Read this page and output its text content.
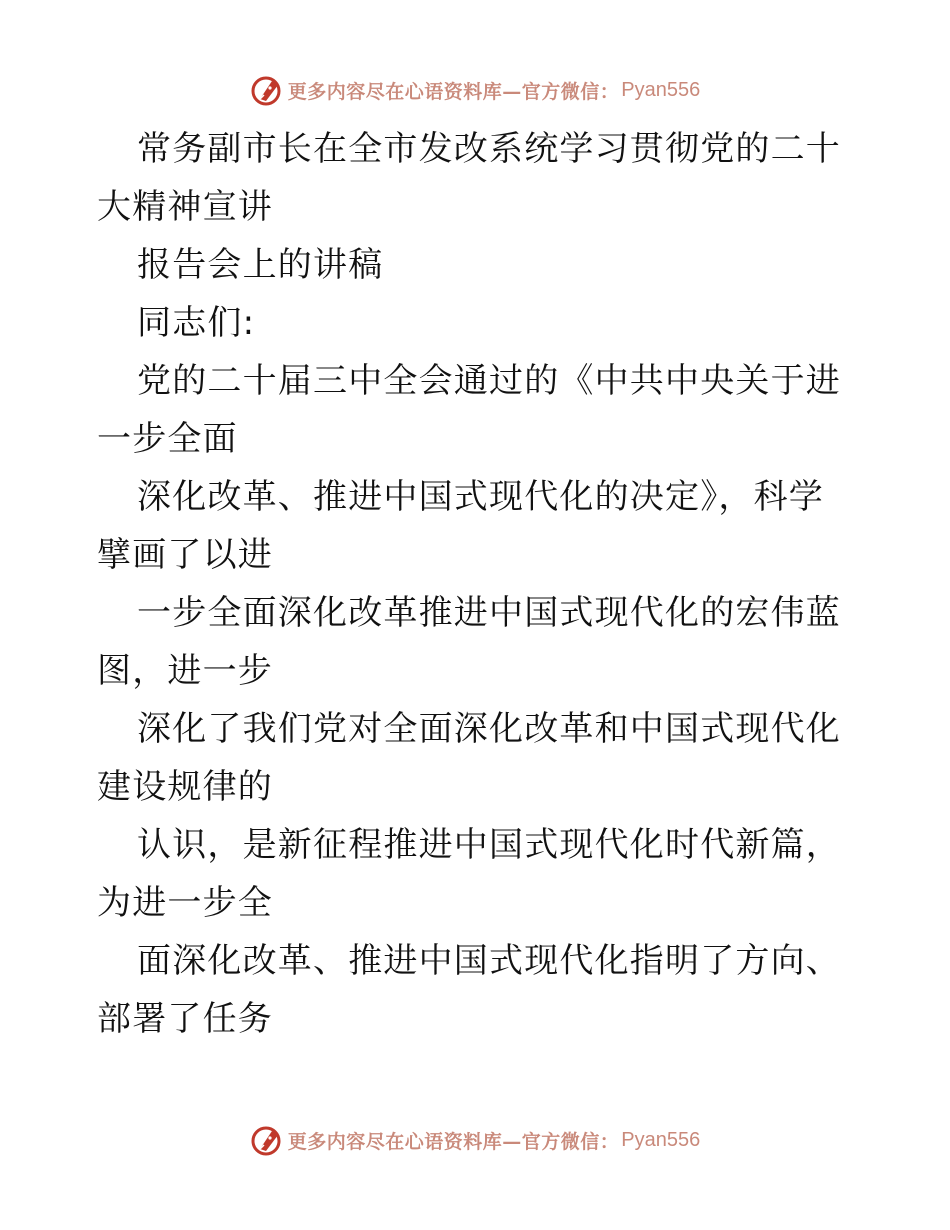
更多内容尽在心语资料库—官方微信： Pyan556

常务副市长在全市发改系统学习贯彻党的二十大精神宣讲

报告会上的讲稿

同志们:

党的二十届三中全会通过的《中共中央关于进一步全面

深化改革、推进中国式现代化的决定》，科学擘画了以进

一步全面深化改革推进中国式现代化的宏伟蓝图，进一步

深化了我们党对全面深化改革和中国式现代化建设规律的

认识，是新征程推进中国式现代化时代新篇，为进一步全

面深化改革、推进中国式现代化指明了方向、部署了任务

更多内容尽在心语资料库—官方微信： Pyan556
